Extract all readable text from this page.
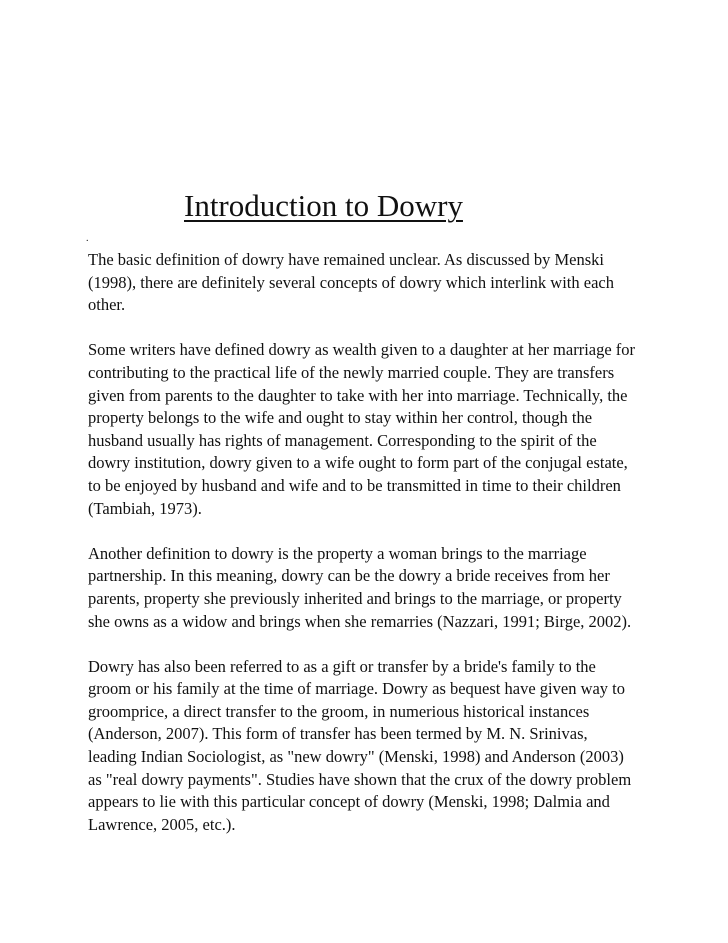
Introduction to Dowry
.

The basic definition of dowry have remained unclear. As discussed by Menski
(1998), there are definitely several concepts of dowry which interlink with each
other.

Some writers have defined dowry as wealth given to a daughter at her marriage for
contributing to the practical life of the newly married couple. They are transfers
given from parents to the daughter to take with her into marriage. Technically, the
property belongs to the wife and ought to stay within her control, though the
husband usually has rights of management. Corresponding to the spirit of the
dowry institution, dowry given to a wife ought to form part of the conjugal estate,
to be enjoyed by husband and wife and to be transmitted in time to their children
(Tambiah, 1973).

Another definition to dowry is the property a woman brings to the marriage
partnership. In this meaning, dowry can be the dowry a bride receives from her
parents, property she previously inherited and brings to the marriage, or property
she owns as a widow and brings when she remarries (Nazzari, 1991; Birge, 2002).

Dowry has also been referred to as a gift or transfer by a bride's family to the
groom or his family at the time of marriage. Dowry as bequest have given way to
groomprice, a direct transfer to the groom, in numerious historical instances
(Anderson, 2007). This form of transfer has been termed by M. N. Srinivas,
leading Indian Sociologist, as "new dowry" (Menski, 1998) and Anderson (2003)
as "real dowry payments". Studies have shown that the crux of the dowry problem
appears to lie with this particular concept of dowry (Menski, 1998; Dalmia and
Lawrence, 2005, etc.).
